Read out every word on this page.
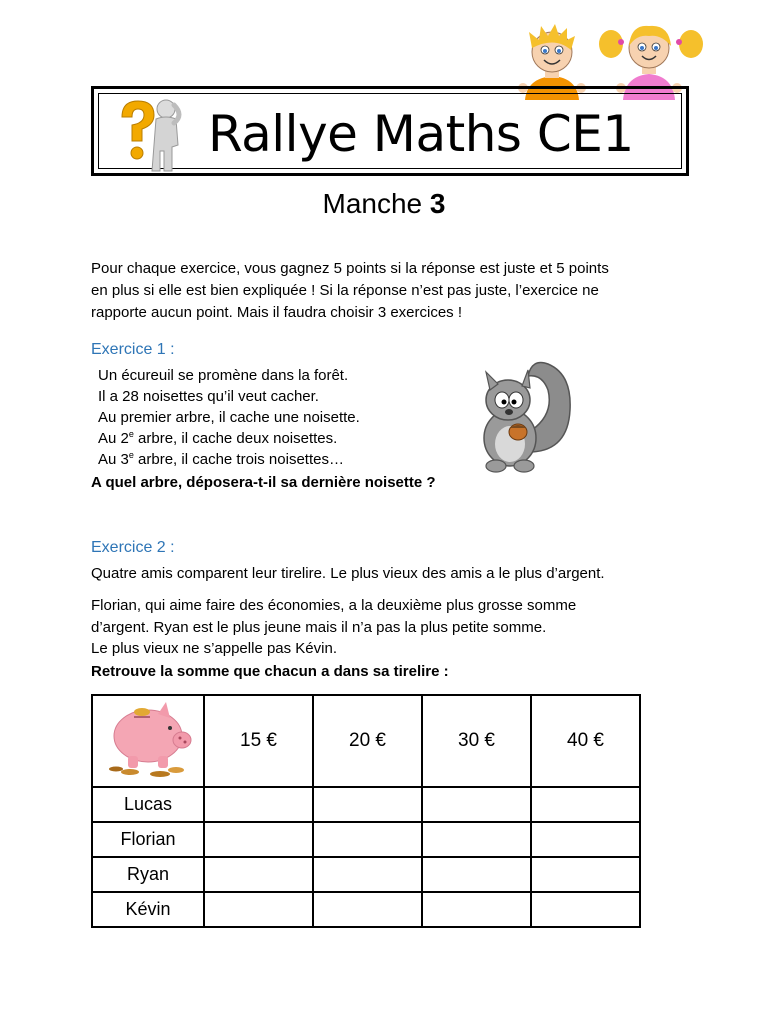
Rallye Maths CE1
Manche 3
Pour chaque exercice, vous gagnez 5 points si la réponse est juste et 5 points
en plus si elle est bien expliquée ! Si la réponse n’est pas juste, l’exercice ne
rapporte aucun point. Mais il faudra choisir 3 exercices !
Exercice 1 :
Un écureuil se promène dans la forêt.
Il a 28 noisettes qu’il veut cacher.
Au premier arbre, il cache une noisette.
Au 2e arbre, il cache deux noisettes.
Au 3e arbre, il cache trois noisettes…
A quel arbre, déposera-t-il sa dernière noisette ?
Exercice 2 :
Quatre amis comparent leur tirelire. Le plus vieux des amis a le plus d’argent.
Florian, qui aime faire des économies, a la deuxième plus grosse somme
d’argent. Ryan est le plus jeune mais il n’a pas la plus petite somme.
Le plus vieux ne s’appelle pas Kévin.
Retrouve la somme que chacun a dans sa tirelire :
	15 €	20 €	30 €	40 €
Lucas				
Florian				
Ryan				
Kévin				
